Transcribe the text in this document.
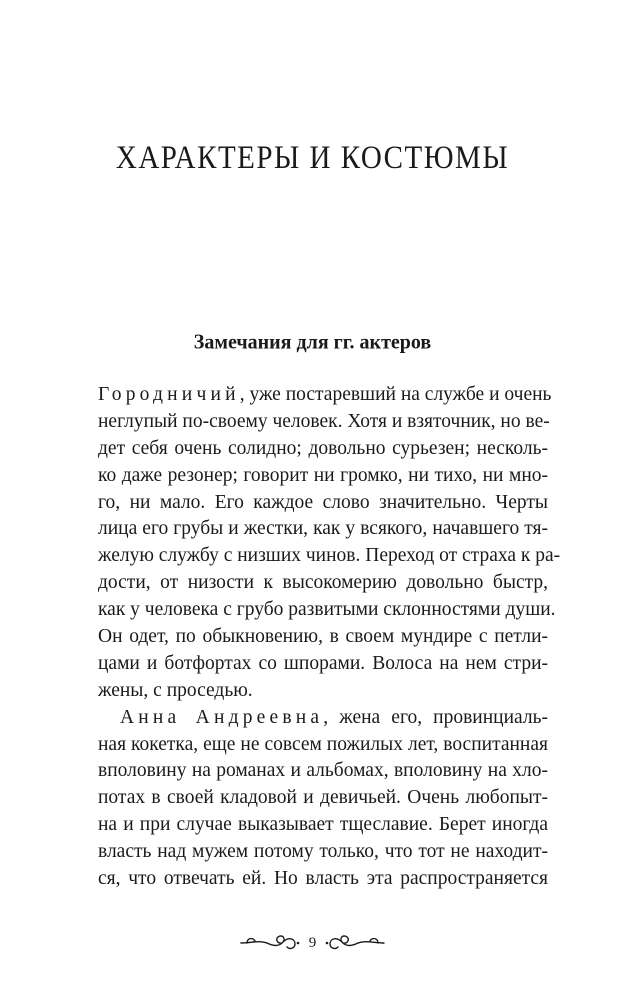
ХАРАКТЕРЫ И КОСТЮМЫ
Замечания для гг. актеров
Городничий, уже постаревший на службе и очень
неглупый по-своему человек. Хотя и взяточник, но ве-
дет себя очень солидно; довольно сурьезен; несколь-
ко даже резонер; говорит ни громко, ни тихо, ни мно-
го, ни мало. Его каждое слово значительно. Черты
лица его грубы и жестки, как у всякого, начавшего тя-
желую службу с низших чинов. Переход от страха к ра-
дости, от низости к высокомерию довольно быстр,
как у человека с грубо развитыми склонностями души.
Он одет, по обыкновению, в своем мундире с петли-
цами и ботфортах со шпорами. Волоса на нем стри-
жены, с проседью.
Анна Андреевна, жена его, провинциаль-
ная кокетка, еще не совсем пожилых лет, воспитанная
вполовину на романах и альбомах, вполовину на хло-
потах в своей кладовой и девичьей. Очень любопыт-
на и при случае выказывает тщеславие. Берет иногда
власть над мужем потому только, что тот не находит-
ся, что отвечать ей. Но власть эта распространяется
9
